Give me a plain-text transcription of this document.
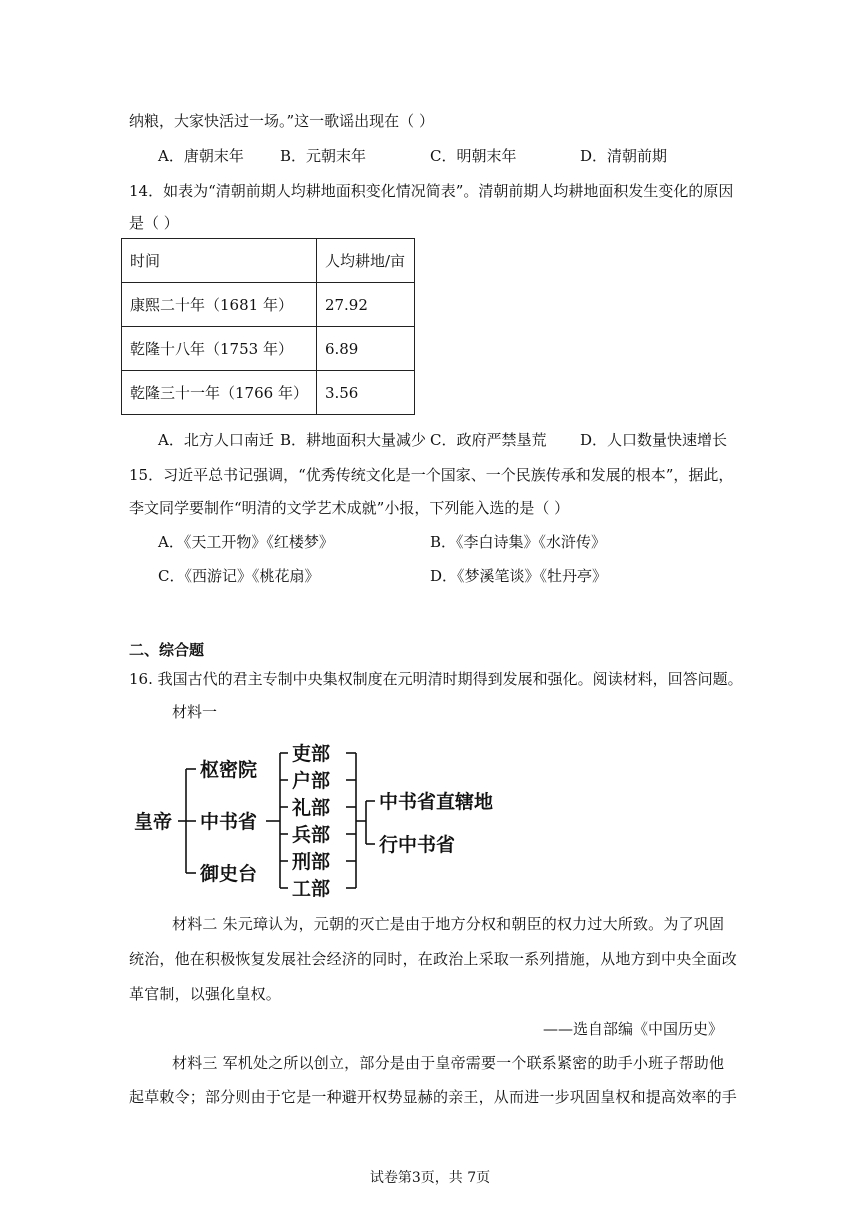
纳粮，大家快活过一场。”这一歌谣出现在（ ）
A．唐朝末年 B．元朝末年	C．明朝末年	D．清朝前期
14．如表为“清朝前期人均耕地面积变化情况简表”。清朝前期人均耕地面积发生变化的原因
是（ ）
时间	人均耕地/亩
康熙二十年（1681 年）	27.92
乾隆十八年（1753 年）	6.89
乾隆三十一年（1766 年）	3.56
A．北方人口南迁 B．耕地面积大量减少 C．政府严禁垦荒 D．人口数量快速增长
15．习近平总书记强调，“优秀传统文化是一个国家、一个民族传承和发展的根本”，据此，
李文同学要制作“明清的文学艺术成就”小报，下列能入选的是（ ）
A．《天工开物》《红楼梦》	B．《李白诗集》《水浒传》
C．《西游记》《桃花扇》	D．《梦溪笔谈》《牡丹亭》
二、综合题
16. 我国古代的君主专制中央集权制度在元明清时期得到发展和强化。阅读材料，回答问题。
材料一
皇帝
枢密院
中书省
御史台
吏部
户部
礼部
兵部
刑部
工部
中书省直辖地
行中书省
材料二 朱元璋认为，元朝的灭亡是由于地方分权和朝臣的权力过大所致。为了巩固
统治，他在积极恢复发展社会经济的同时，在政治上采取一系列措施，从地方到中央全面改
革官制，以强化皇权。
——选自部编《中国历史》
材料三 军机处之所以创立，部分是由于皇帝需要一个联系紧密的助手小班子帮助他
起草敕令；部分则由于它是一种避开权势显赫的亲王，从而进一步巩固皇权和提高效率的手
试卷第3页，共 7页
